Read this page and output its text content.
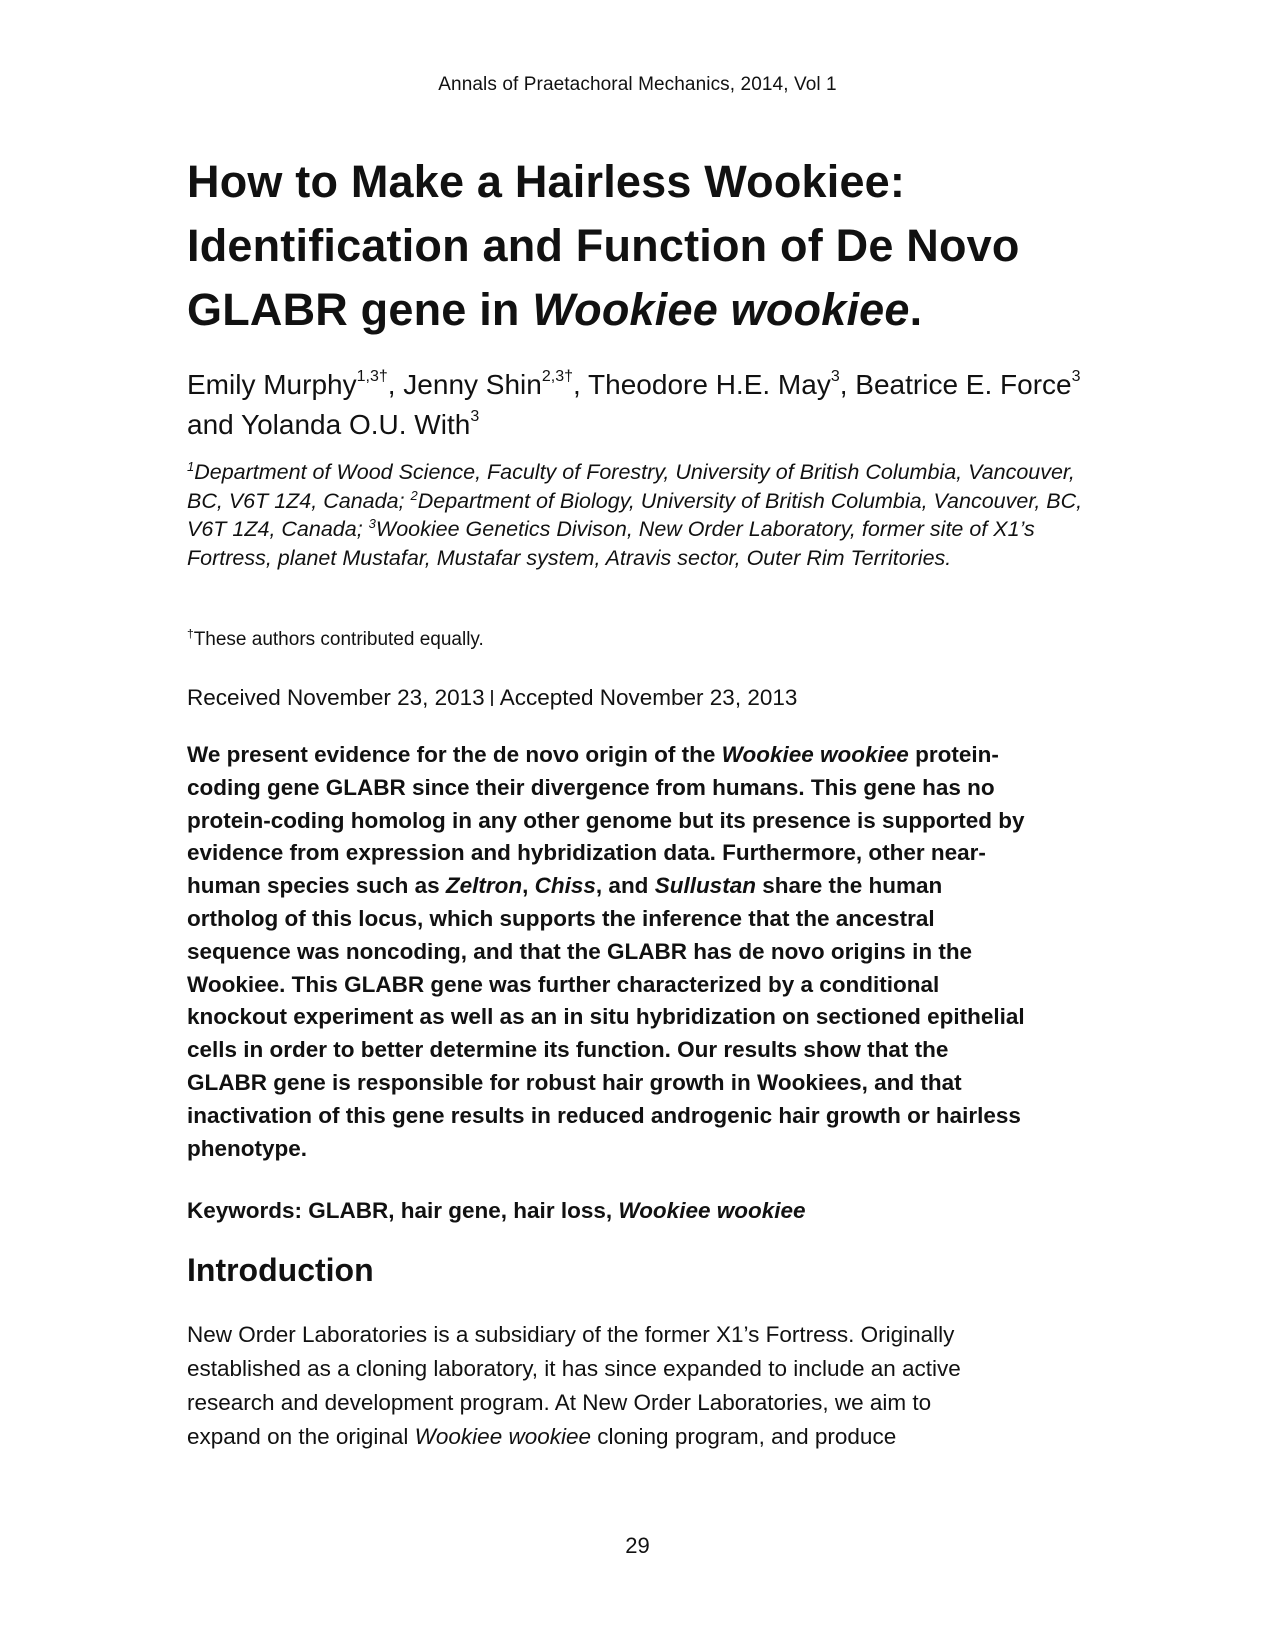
Annals of Praetachoral Mechanics, 2014, Vol 1
How to Make a Hairless Wookiee:
Identification and Function of De Novo
GLABR gene in Wookiee wookiee.
Emily Murphy$^{1,3\dagger}$, Jenny Shin$^{2,3\dagger}$, Theodore H.E. May$^3$, Beatrice E. Force$^3$ and Yolanda O.U. With$^3$
$^1$Department of Wood Science, Faculty of Forestry, University of British Columbia, Vancouver, BC, V6T 1Z4, Canada; $^2$Department of Biology, University of British Columbia, Vancouver, BC, V6T 1Z4, Canada; $^3$Wookiee Genetics Divison, New Order Laboratory, former site of X1’s Fortress, planet Mustafar, Mustafar system, Atravis sector, Outer Rim Territories.
†These authors contributed equally.
Received November 23, 2013 Accepted November 23, 2013
We present evidence for the de novo origin of the Wookiee wookiee protein-
coding gene GLABR since their divergence from humans. This gene has no
protein-coding homolog in any other genome but its presence is supported by
evidence from expression and hybridization data. Furthermore, other near-
human species such as Zeltron, Chiss, and Sullustan share the human
ortholog of this locus, which supports the inference that the ancestral
sequence was noncoding, and that the GLABR has de novo origins in the
Wookiee. This GLABR gene was further characterized by a conditional
knockout experiment as well as an in situ hybridization on sectioned epithelial
cells in order to better determine its function. Our results show that the
GLABR gene is responsible for robust hair growth in Wookiees, and that
inactivation of this gene results in reduced androgenic hair growth or hairless
phenotype.
Keywords: GLABR, hair gene, hair loss, Wookiee wookiee
Introduction
New Order Laboratories is a subsidiary of the former X1’s Fortress. Originally
established as a cloning laboratory, it has since expanded to include an active
research and development program. At New Order Laboratories, we aim to
expand on the original Wookiee wookiee cloning program, and produce
29
